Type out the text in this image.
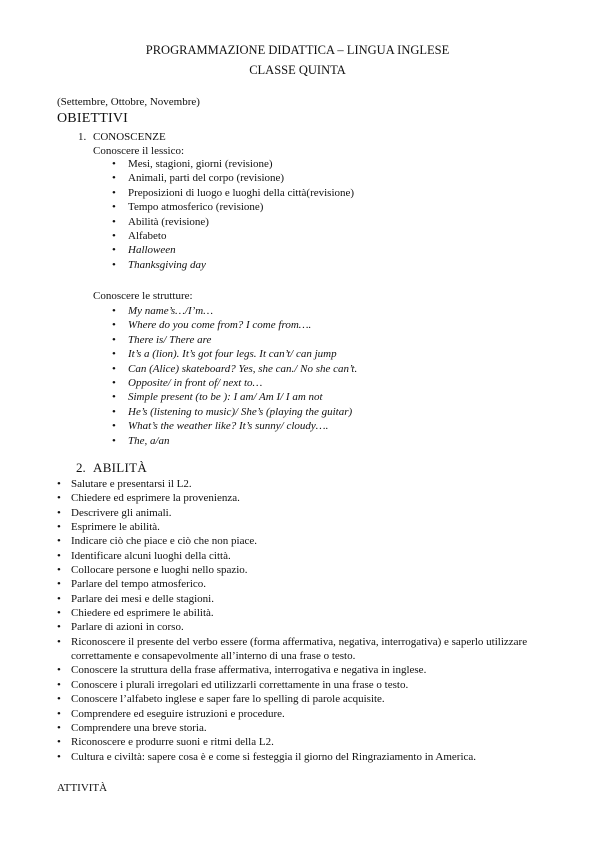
PROGRAMMAZIONE DIDATTICA – LINGUA INGLESE
CLASSE QUINTA
(Settembre, Ottobre, Novembre)
OBIETTIVI
1. CONOSCENZE
Conoscere il lessico:
• Mesi, stagioni, giorni (revisione)
• Animali, parti del corpo (revisione)
• Preposizioni di luogo e luoghi della città(revisione)
• Tempo atmosferico (revisione)
• Abilità (revisione)
• Alfabeto
• Halloween
• Thanksgiving day
Conoscere le strutture:
• My name’s…/I’m…
• Where do you come from? I come from….
• There is/ There are
• It’s a (lion). It’s got four legs. It can’t/ can jump
• Can (Alice) skateboard? Yes, she can./ No she can’t.
• Opposite/ in front of/ next to…
• Simple present (to be ): I am/ Am I/ I am not
• He’s (listening to music)/ She’s (playing the guitar)
• What’s the weather like? It’s sunny/ cloudy….
• The, a/an
2. ABILITÀ
• Salutare e presentarsi il L2.
• Chiedere ed esprimere la provenienza.
• Descrivere gli animali.
• Esprimere le abilità.
• Indicare ciò che piace e ciò che non piace.
• Identificare alcuni luoghi della città.
• Collocare persone e luoghi nello spazio.
• Parlare del tempo atmosferico.
• Parlare dei mesi e delle stagioni.
• Chiedere ed esprimere le abilità.
• Parlare di azioni in corso.
• Riconoscere il presente del verbo essere (forma affermativa, negativa, interrogativa) e saperlo utilizzare correttamente e consapevolmente all’interno di una frase o testo.
• Conoscere la struttura della frase affermativa, interrogativa e negativa in inglese.
• Conoscere i plurali irregolari ed utilizzarli correttamente in una frase o testo.
• Conoscere l’alfabeto inglese e saper fare lo spelling di parole acquisite.
• Comprendere ed eseguire istruzioni e procedure.
• Comprendere una breve storia.
• Riconoscere e produrre suoni e ritmi della L2.
• Cultura e civiltà: sapere cosa è e come si festeggia il giorno del Ringraziamento in America.
ATTIVITÀ
